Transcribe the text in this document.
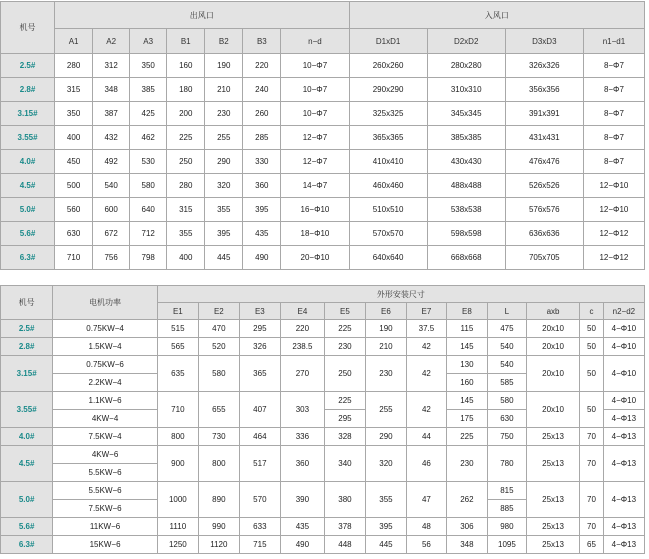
机号	出风口							入风口			
	A1	A2	A3	B1	B2	B3	n−d	D1xD1	D2xD2	D3xD3	n1−d1
2.5#	280	312	350	160	190	220	10−Φ7	260x260	280x280	326x326	8−Φ7
2.8#	315	348	385	180	210	240	10−Φ7	290x290	310x310	356x356	8−Φ7
3.15#	350	387	425	200	230	260	10−Φ7	325x325	345x345	391x391	8−Φ7
3.55#	400	432	462	225	255	285	12−Φ7	365x365	385x385	431x431	8−Φ7
4.0#	450	492	530	250	290	330	12−Φ7	410x410	430x430	476x476	8−Φ7
4.5#	500	540	580	280	320	360	14−Φ7	460x460	488x488	526x526	12−Φ10
5.0#	560	600	640	315	355	395	16−Φ10	510x510	538x538	576x576	12−Φ10
5.6#	630	672	712	355	395	435	18−Φ10	570x570	598x598	636x636	12−Φ12
6.3#	710	756	798	400	445	490	20−Φ10	640x640	668x668	705x705	12−Φ12
机号	电机功率	外形安装尺寸											
		E1	E2	E3	E4	E5	E6	E7	E8	L	axb	c	n2−d2
2.5#	0.75KW−4	515	470	295	220	225	190	37.5	115	475	20x10	50	4−Φ10
2.8#	1.5KW−4	565	520	326	238.5	230	210	42	145	540	20x10	50	4−Φ10
3.15#	0.75KW−6	635	580	365	270	250	230	42	130	540	20x10	50	4−Φ10
	2.2KW−4								160	585			
3.55#	1.1KW−6	710	655	407	303	225	255	42	145	580	20x10	50	4−Φ10
	4KW−4					295			175	630			4−Φ13
4.0#	7.5KW−4	800	730	464	336	328	290	44	225	750	25x13	70	4−Φ13
4.5#	4KW−6	900	800	517	360	340	320	46	230	780	25x13	70	4−Φ13
	5.5KW−6												
5.0#	5.5KW−6	1000	890	570	390	380	355	47	262	815	25x13	70	4−Φ13
	7.5KW−6									885			
5.6#	11KW−6	1110	990	633	435	378	395	48	306	980	25x13	70	4−Φ13
6.3#	15KW−6	1250	1120	715	490	448	445	56	348	1095	25x13	65	4−Φ13
